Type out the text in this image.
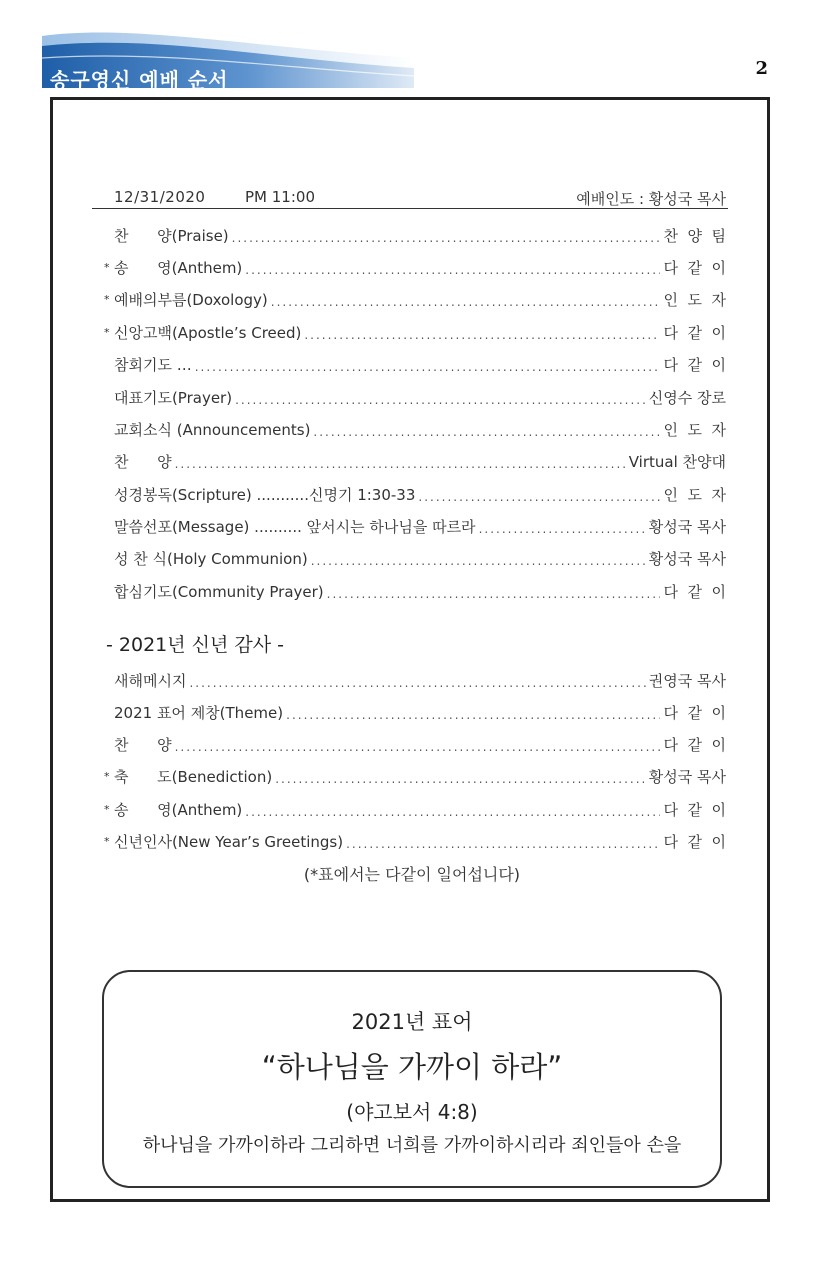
송구영신 예배 순서	2
12/31/2020	PM 11:00	예배인도 : 황성국 목사
찬      양(Praise) .....	찬  양  팀
* 송      영(Anthem) .....	다  같  이
* 예배의부름(Doxology) .....	인  도  자
* 신앙고백(Apostle’s Creed) .....	다  같  이
참회기도 … .....	다  같  이
대표기도(Prayer) .....	신영수 장로
교회소식 (Announcements) .....	인  도  자
찬      양 .....	Virtual 찬양대
성경봉독(Scripture) ........... 신명기 1:30-33 .....	인  도  자
말씀선포(Message) .......... 앞서시는 하나님을 따르라 .....	황성국 목사
성 찬 식(Holy Communion) .....	황성국 목사
합심기도(Community Prayer) .....	다  같  이
- 2021년 신년 감사 -
새해메시지 .....	권영국 목사
2021 표어 제창(Theme) .....	다  같  이
찬      양 .....	다  같  이
* 축      도(Benediction) .....	황성국 목사
* 송      영(Anthem) .....	다  같  이
* 신년인사(New Year’s Greetings) .....	다  같  이
(*표에서는 다같이 일어섭니다)
2021년 표어
“하나님을 가까이 하라”
(야고보서 4:8)
하나님을 가까이하라 그리하면 너희를 가까이하시리라 죄인들아 손을
